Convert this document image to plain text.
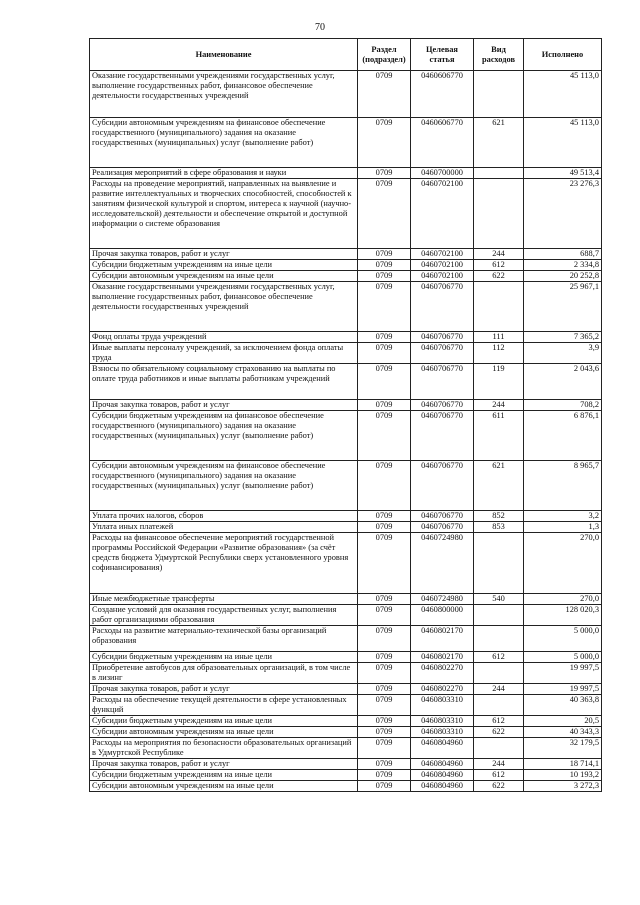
70
Наименование	Раздел (подраздел)	Целевая статья	Вид расходов	Исполнено
Оказание государственными учреждениями государственных услуг, выполнение государственных работ, финансовое обеспечение деятельности государственных учреждений	0709	0460606770		45 113,0
Субсидии автономным учреждениям на финансовое обеспечение государственного (муниципального) задания на оказание государственных (муниципальных) услуг (выполнение работ)	0709	0460606770	621	45 113,0
Реализация мероприятий в сфере образования и науки	0709	0460700000		49 513,4
Расходы на проведение мероприятий, направленных на выявление и развитие интеллектуальных и творческих способностей, способностей к занятиям физической культурой и спортом, интереса к научной (научно-исследовательской) деятельности и обеспечение открытой и доступной информации о системе образования	0709	0460702100		23 276,3
Прочая закупка товаров, работ и услуг	0709	0460702100	244	688,7
Субсидии бюджетным учреждениям на иные цели	0709	0460702100	612	2 334,8
Субсидии автономным учреждениям на иные цели	0709	0460702100	622	20 252,8
Оказание государственными учреждениями государственных услуг, выполнение государственных работ, финансовое обеспечение деятельности государственных учреждений	0709	0460706770		25 967,1
Фонд оплаты труда учреждений	0709	0460706770	111	7 365,2
Иные выплаты персоналу учреждений, за исключением фонда оплаты труда	0709	0460706770	112	3,9
Взносы по обязательному социальному страхованию на выплаты по оплате труда работников и иные выплаты работникам учреждений	0709	0460706770	119	2 043,6
Прочая закупка товаров, работ и услуг	0709	0460706770	244	708,2
Субсидии бюджетным учреждениям на финансовое обеспечение государственного (муниципального) задания на оказание государственных (муниципальных) услуг (выполнение работ)	0709	0460706770	611	6 876,1
Субсидии автономным учреждениям на финансовое обеспечение государственного (муниципального) задания на оказание государственных (муниципальных) услуг (выполнение работ)	0709	0460706770	621	8 965,7
Уплата прочих налогов, сборов	0709	0460706770	852	3,2
Уплата иных платежей	0709	0460706770	853	1,3
Расходы на финансовое обеспечение мероприятий государственной программы Российской Федерации «Развитие образования» (за счёт средств бюджета Удмуртской Республики сверх установленного уровня софинансирования)	0709	0460724980		270,0
Иные межбюджетные трансферты	0709	0460724980	540	270,0
Создание условий для оказания государственных услуг, выполнения работ организациями образования	0709	0460800000		128 020,3
Расходы на развитие материально-технической базы организаций образования	0709	0460802170		5 000,0
Субсидии бюджетным учреждениям на иные цели	0709	0460802170	612	5 000,0
Приобретение автобусов для образовательных организаций, в том числе в лизинг	0709	0460802270		19 997,5
Прочая закупка товаров, работ и услуг	0709	0460802270	244	19 997,5
Расходы на обеспечение текущей деятельности в сфере установленных функций	0709	0460803310		40 363,8
Субсидии бюджетным учреждениям на иные цели	0709	0460803310	612	20,5
Субсидии автономным учреждениям на иные цели	0709	0460803310	622	40 343,3
Расходы на мероприятия по безопасности образовательных организаций в Удмуртской Республике	0709	0460804960		32 179,5
Прочая закупка товаров, работ и услуг	0709	0460804960	244	18 714,1
Субсидии бюджетным учреждениям на иные цели	0709	0460804960	612	10 193,2
Субсидии автономным учреждениям на иные цели	0709	0460804960	622	3 272,3
